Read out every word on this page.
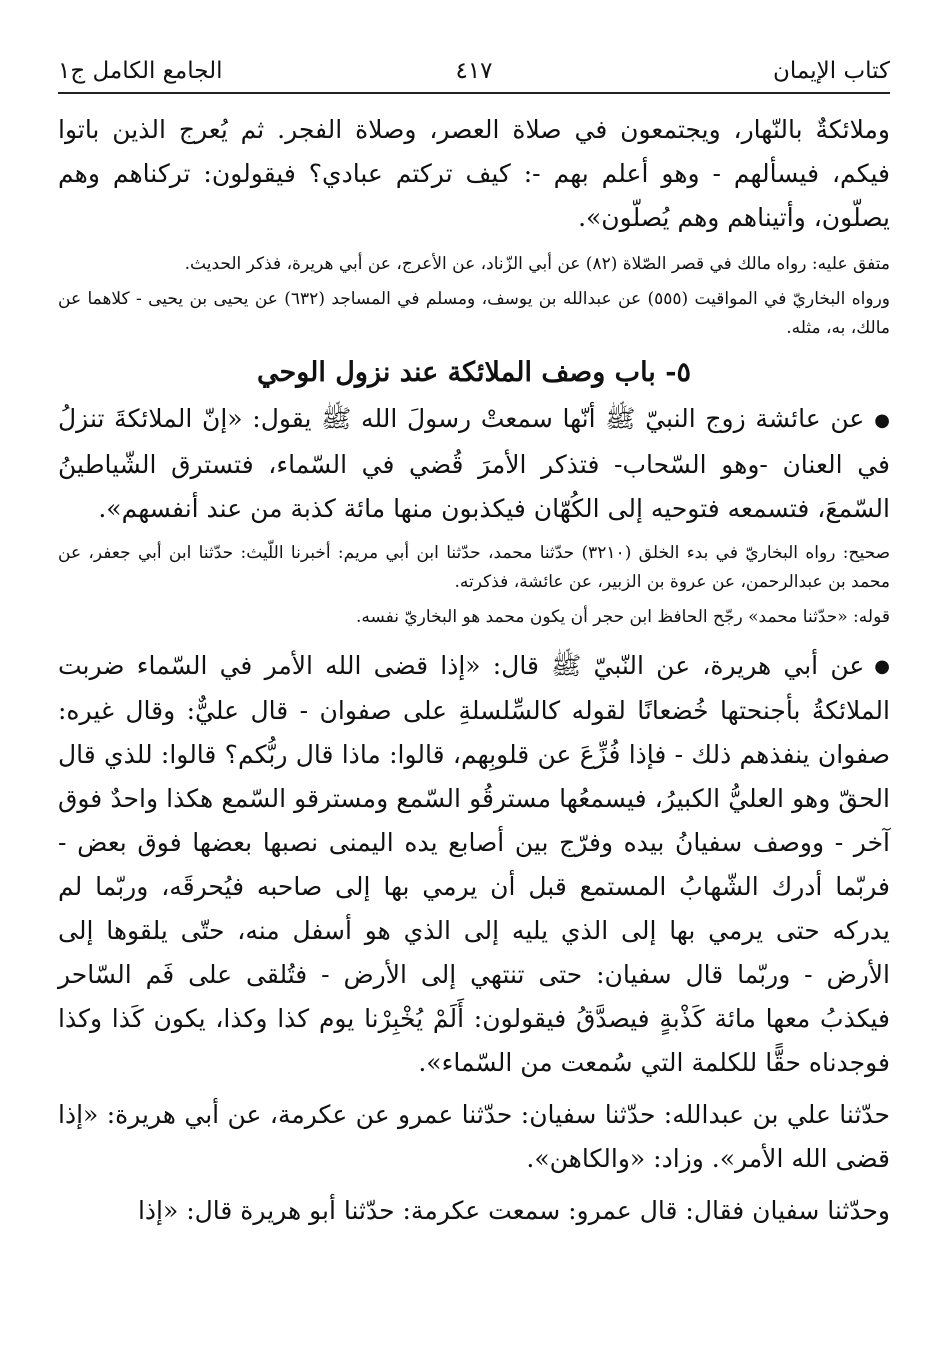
كتاب الإيمان
٤١٧
الجامع الكامل ج١

وملائكةٌ بالنّهار، ويجتمعون في صلاة العصر، وصلاة الفجر. ثم يُعرج الذين باتوا فيكم، فيسألهم - وهو أعلم بهم -: كيف تركتم عبادي؟ فيقولون: تركناهم وهم يصلّون، وأتيناهم وهم يُصلّون».

متفق عليه: رواه مالك في قصر الصّلاة (٨٢) عن أبي الزّناد، عن الأعرج، عن أبي هريرة، فذكر الحديث.

ورواه البخاريّ في المواقيت (٥٥٥) عن عبدالله بن يوسف، ومسلم في المساجد (٦٣٢) عن يحيى بن يحيى - كلاهما عن مالك، به، مثله.

٥- باب وصف الملائكة عند نزول الوحي

●عن عائشة زوج النبيّ ﷺ أنّها سمعتْ رسولَ الله ﷺ يقول: «إنّ الملائكةَ تنزلُ في العنان -وهو السّحاب- فتذكر الأمرَ قُضي في السّماء، فتسترق الشّياطينُ السّمعَ، فتسمعه فتوحيه إلى الكُهّان فيكذبون منها مائة كذبة من عند أنفسهم».

صحيح: رواه البخاريّ في بدء الخلق (٣٢١٠) حدّثنا محمد، حدّثنا ابن أبي مريم: أخبرنا اللّيث: حدّثنا ابن أبي جعفر، عن محمد بن عبدالرحمن، عن عروة بن الزبير، عن عائشة، فذكرته.

قوله: «حدّثنا محمد» رجّح الحافظ ابن حجر أن يكون محمد هو البخاريّ نفسه.

●عن أبي هريرة، عن النّبيّ ﷺ قال: «إذا قضى الله الأمر في السّماء ضربت الملائكةُ بأجنحتها خُضعانًا لقوله كالسِّلسلةِ على صفوان - قال عليٌّ: وقال غيره: صفوان ينفذهم ذلك - فإذا فُزِّعَ عن قلوبِهم، قالوا: ماذا قال ربُّكم؟ قالوا: للذي قال الحقّ وهو العليُّ الكبيرُ، فيسمعُها مسترقُو السّمع ومسترقو السّمع هكذا واحدٌ فوق آخر - ووصف سفيانُ بيده وفرّج بين أصابع يده اليمنى نصبها بعضها فوق بعض - فربّما أدرك الشّهابُ المستمع قبل أن يرمي بها إلى صاحبه فيُحرقَه، وربّما لم يدركه حتى يرمي بها إلى الذي يليه إلى الذي هو أسفل منه، حتّى يلقوها إلى الأرض - وربّما قال سفيان: حتى تنتهي إلى الأرض - فتُلقى على فَم السّاحر فيكذبُ معها مائة كَذْبةٍ فيصدَّقُ فيقولون: أَلَمْ يُخْبِرْنا يوم كذا وكذا، يكون كَذا وكذا فوجدناه حقًّا للكلمة التي سُمعت من السّماء».

حدّثنا علي بن عبدالله: حدّثنا سفيان: حدّثنا عمرو عن عكرمة، عن أبي هريرة: «إذا قضى الله الأمر». وزاد: «والكاهن».

وحدّثنا سفيان فقال: قال عمرو: سمعت عكرمة: حدّثنا أبو هريرة قال: «إذا
